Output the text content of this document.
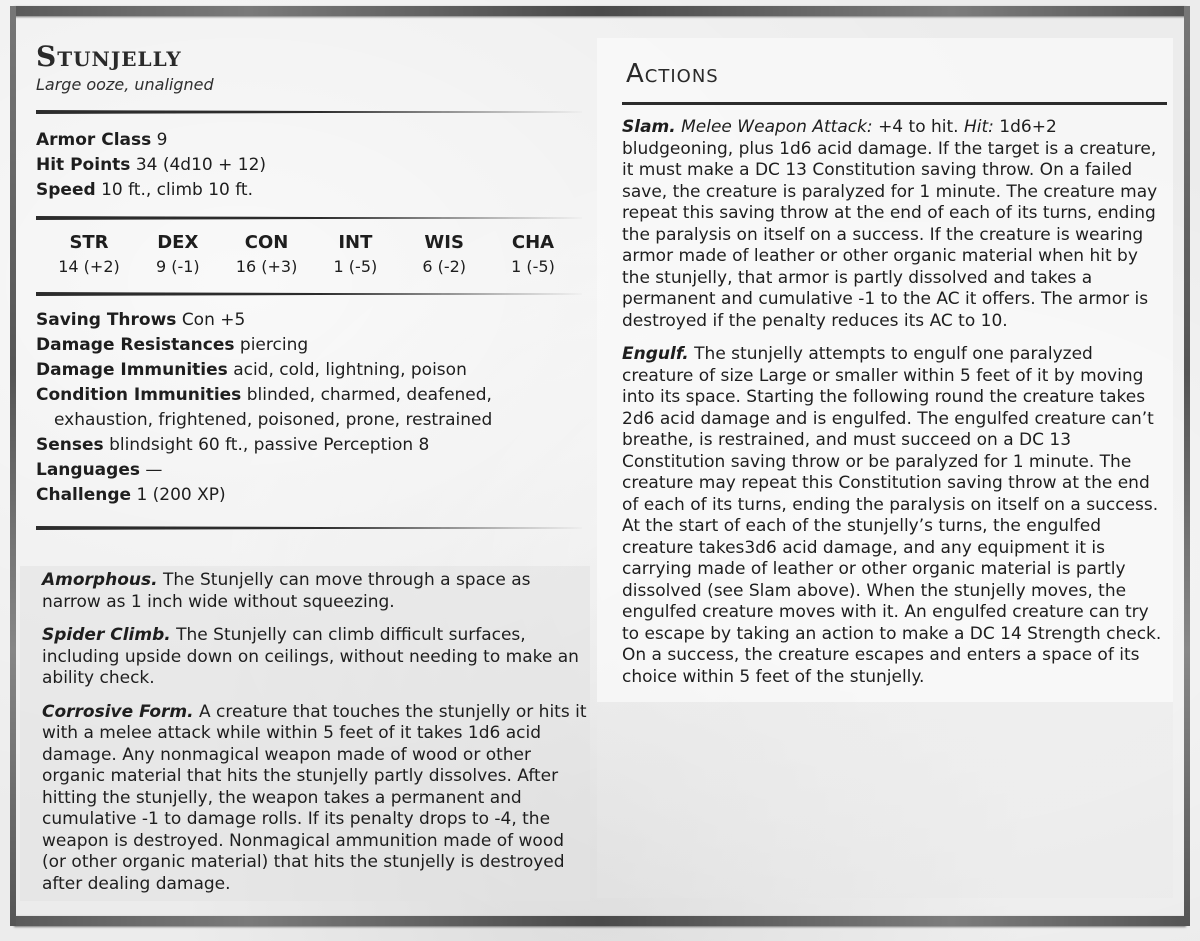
Stunjelly
Large ooze, unaligned
Armor Class 9
Hit Points 34 (4d10 + 12)
Speed 10 ft., climb 10 ft.
STR
14 (+2)
DEX
9 (-1)
CON
16 (+3)
INT
1 (-5)
WIS
6 (-2)
CHA
1 (-5)
Saving Throws Con +5
Damage Resistances piercing
Damage Immunities acid, cold, lightning, poison
Condition Immunities blinded, charmed, deafened,
exhaustion, frightened, poisoned, prone, restrained
Senses blindsight 60 ft., passive Perception 8
Languages —
Challenge 1 (200 XP)

Amorphous. The Stunjelly can move through a space as narrow as 1 inch wide without squeezing.

Spider Climb. The Stunjelly can climb difficult surfaces, including upside down on ceilings, without needing to make an ability check.

Corrosive Form. A creature that touches the stunjelly or hits it with a melee attack while within 5 feet of it takes 1d6 acid damage. Any nonmagical weapon made of wood or other organic material that hits the stunjelly partly dissolves. After hitting the stunjelly, the weapon takes a permanent and cumulative -1 to damage rolls. If its penalty drops to -4, the weapon is destroyed. Nonmagical ammunition made of wood (or other organic material) that hits the stunjelly is destroyed after dealing damage.

Actions

Slam. Melee Weapon Attack: +4 to hit. Hit: 1d6+2 bludgeoning, plus 1d6 acid damage. If the target is a creature, it must make a DC 13 Constitution saving throw. On a failed save, the creature is paralyzed for 1 minute. The creature may repeat this saving throw at the end of each of its turns, ending the paralysis on itself on a success. If the creature is wearing armor made of leather or other organic material when hit by the stunjelly, that armor is partly dissolved and takes a permanent and cumulative -1 to the AC it offers. The armor is destroyed if the penalty reduces its AC to 10.

Engulf. The stunjelly attempts to engulf one paralyzed creature of size Large or smaller within 5 feet of it by moving into its space. Starting the following round the creature takes 2d6 acid damage and is engulfed. The engulfed creature can’t breathe, is restrained, and must succeed on a DC 13 Constitution saving throw or be paralyzed for 1 minute. The creature may repeat this Constitution saving throw at the end of each of its turns, ending the paralysis on itself on a success. At the start of each of the stunjelly’s turns, the engulfed creature takes3d6 acid damage, and any equipment it is carrying made of leather or other organic material is partly dissolved (see Slam above). When the stunjelly moves, the engulfed creature moves with it. An engulfed creature can try to escape by taking an action to make a DC 14 Strength check. On a success, the creature escapes and enters a space of its choice within 5 feet of the stunjelly.
